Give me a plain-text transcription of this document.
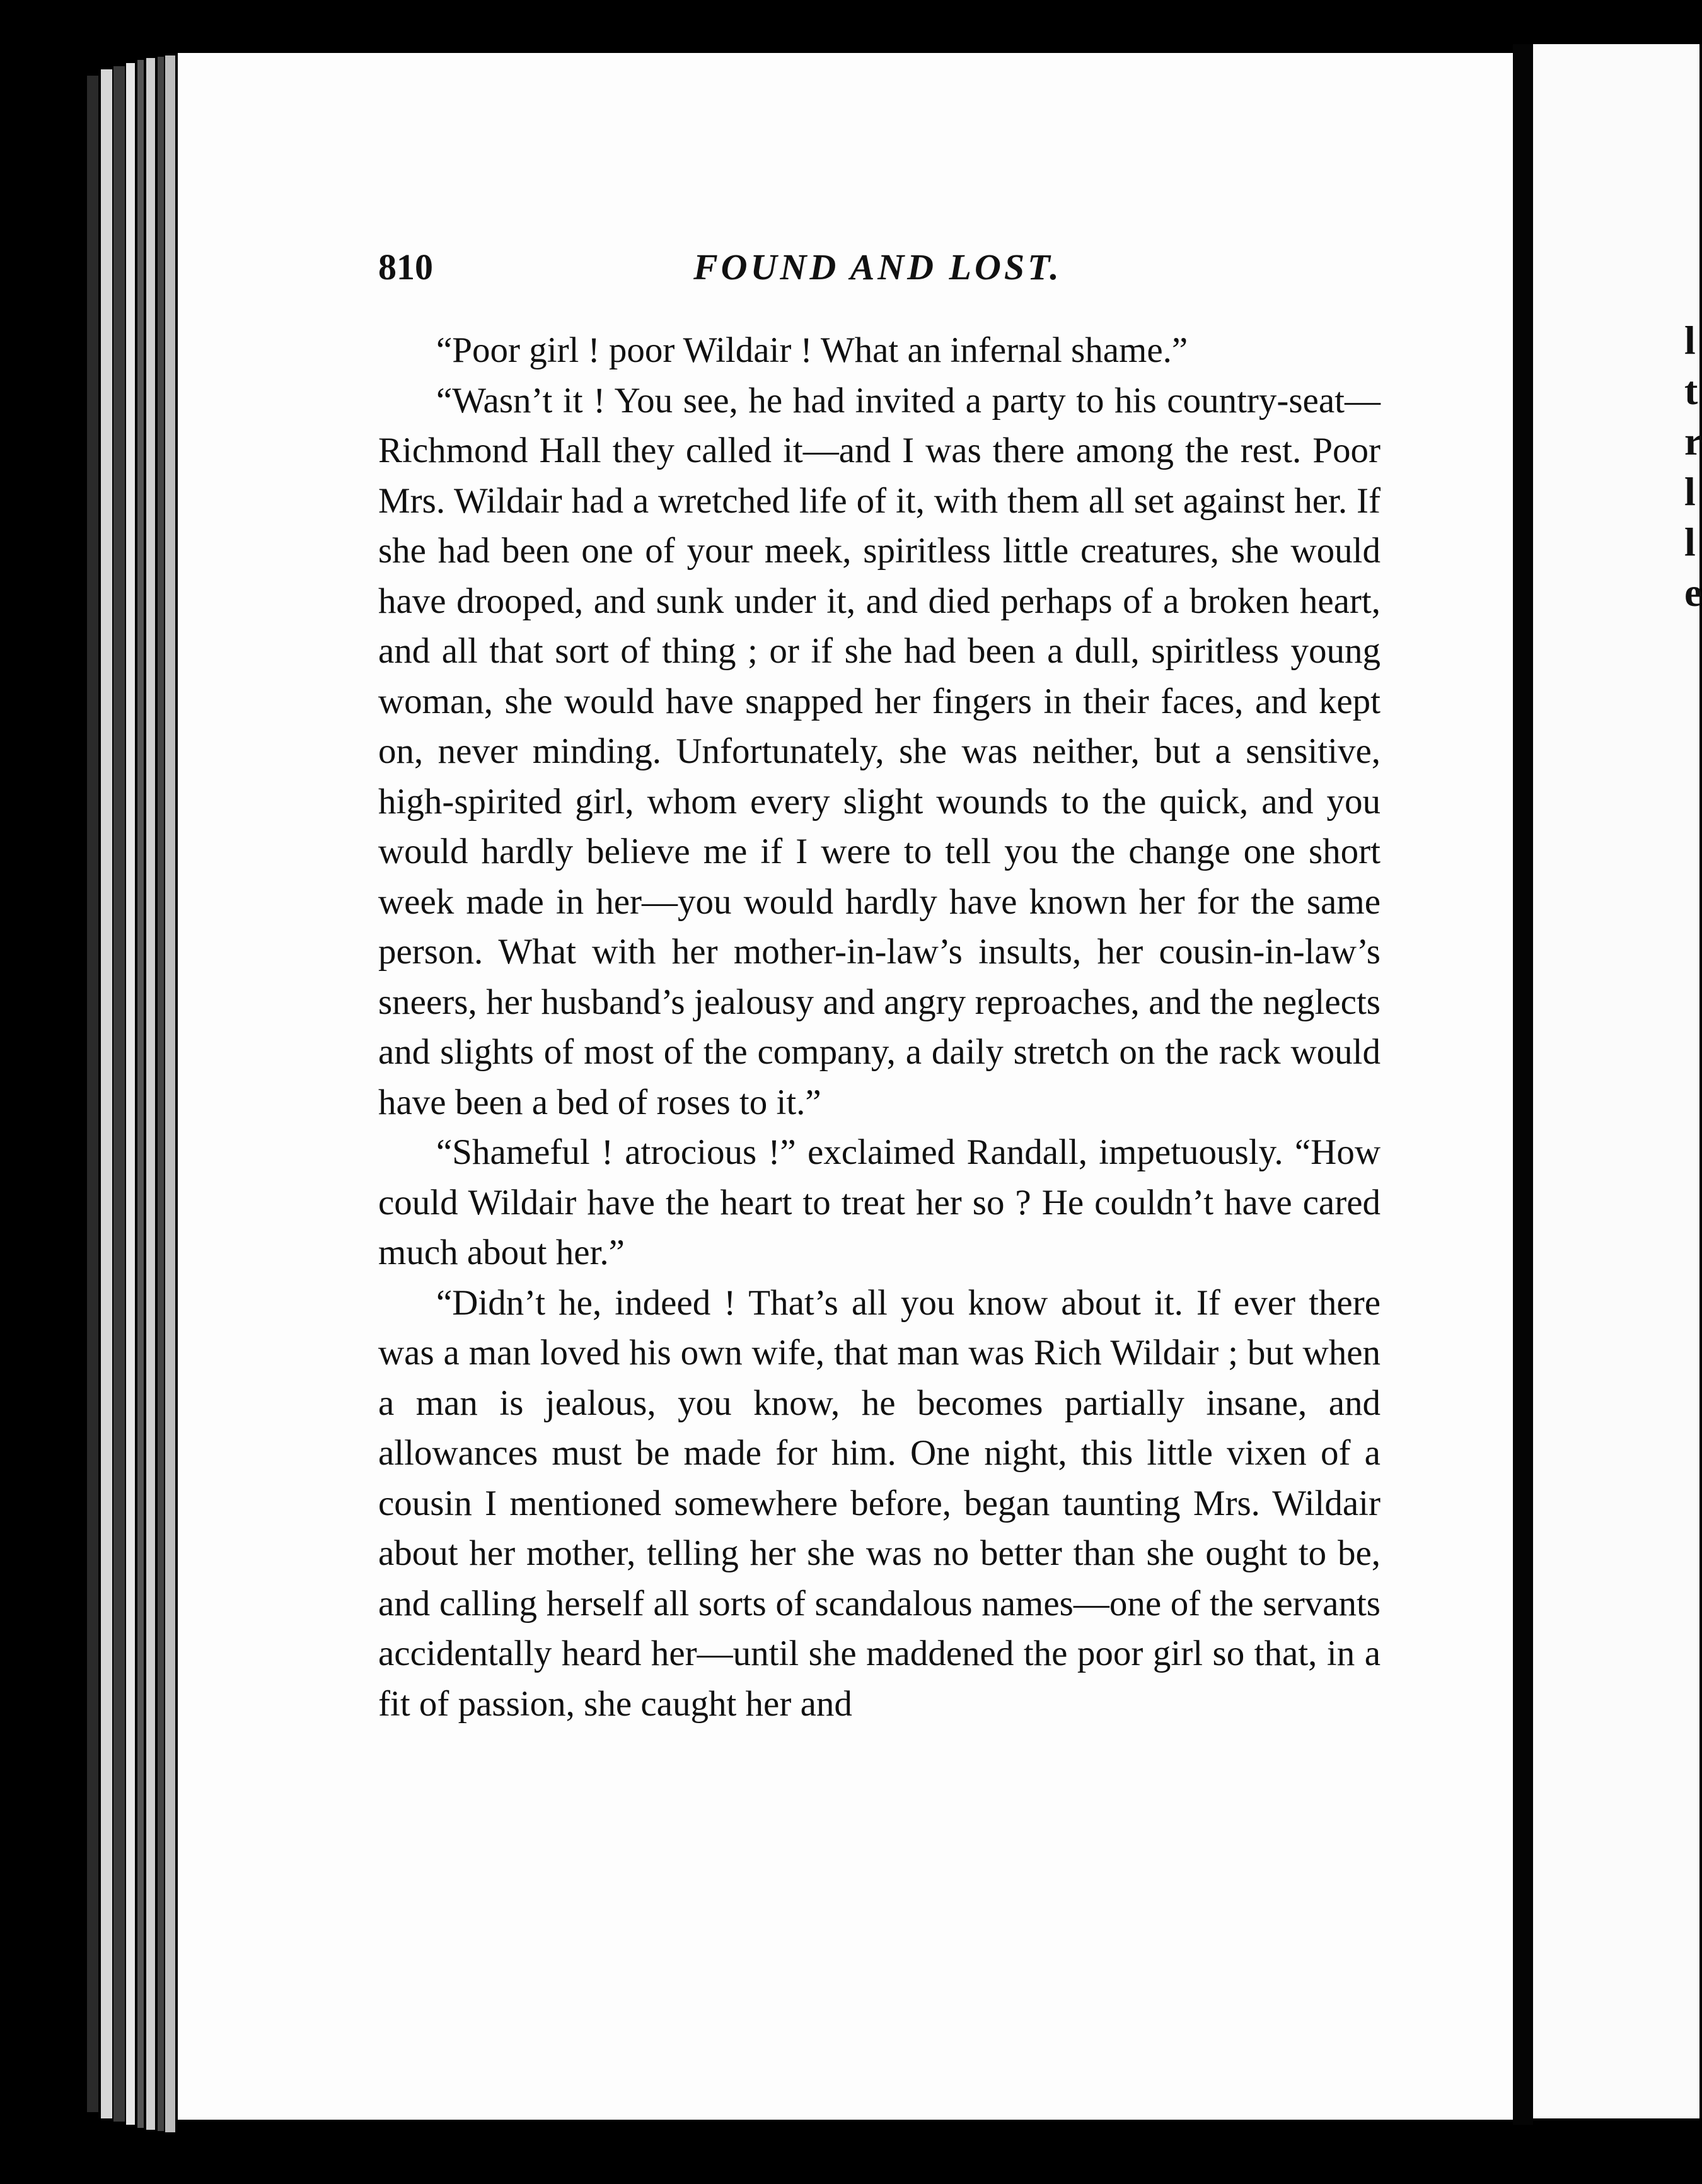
l
t
r
l
l
e
810	FOUND AND LOST.

“Poor girl ! poor Wildair ! What an infernal shame.”

“Wasn’t it ! You see, he had invited a party to his country-seat—Richmond Hall they called it—and I was there among the rest. Poor Mrs. Wildair had a wretched life of it, with them all set against her. If she had been one of your meek, spiritless little creatures, she would have drooped, and sunk under it, and died perhaps of a broken heart, and all that sort of thing ; or if she had been a dull, spiritless young woman, she would have snapped her fingers in their faces, and kept on, never minding. Unfortunately, she was neither, but a sensitive, high-spirited girl, whom every slight wounds to the quick, and you would hardly believe me if I were to tell you the change one short week made in her—you would hardly have known her for the same person. What with her mother-in-law’s insults, her cousin-in-law’s sneers, her husband’s jealousy and angry reproaches, and the neglects and slights of most of the company, a daily stretch on the rack would have been a bed of roses to it.”

“Shameful ! atrocious !” exclaimed Randall, impetuously. “How could Wildair have the heart to treat her so ? He couldn’t have cared much about her.”

“Didn’t he, indeed ! That’s all you know about it. If ever there was a man loved his own wife, that man was Rich Wildair ; but when a man is jealous, you know, he becomes partially insane, and allowances must be made for him. One night, this little vixen of a cousin I mentioned somewhere before, began taunting Mrs. Wildair about her mother, telling her she was no better than she ought to be, and calling herself all sorts of scandalous names—one of the servants accidentally heard her—until she maddened the poor girl so that, in a fit of passion, she caught her and
